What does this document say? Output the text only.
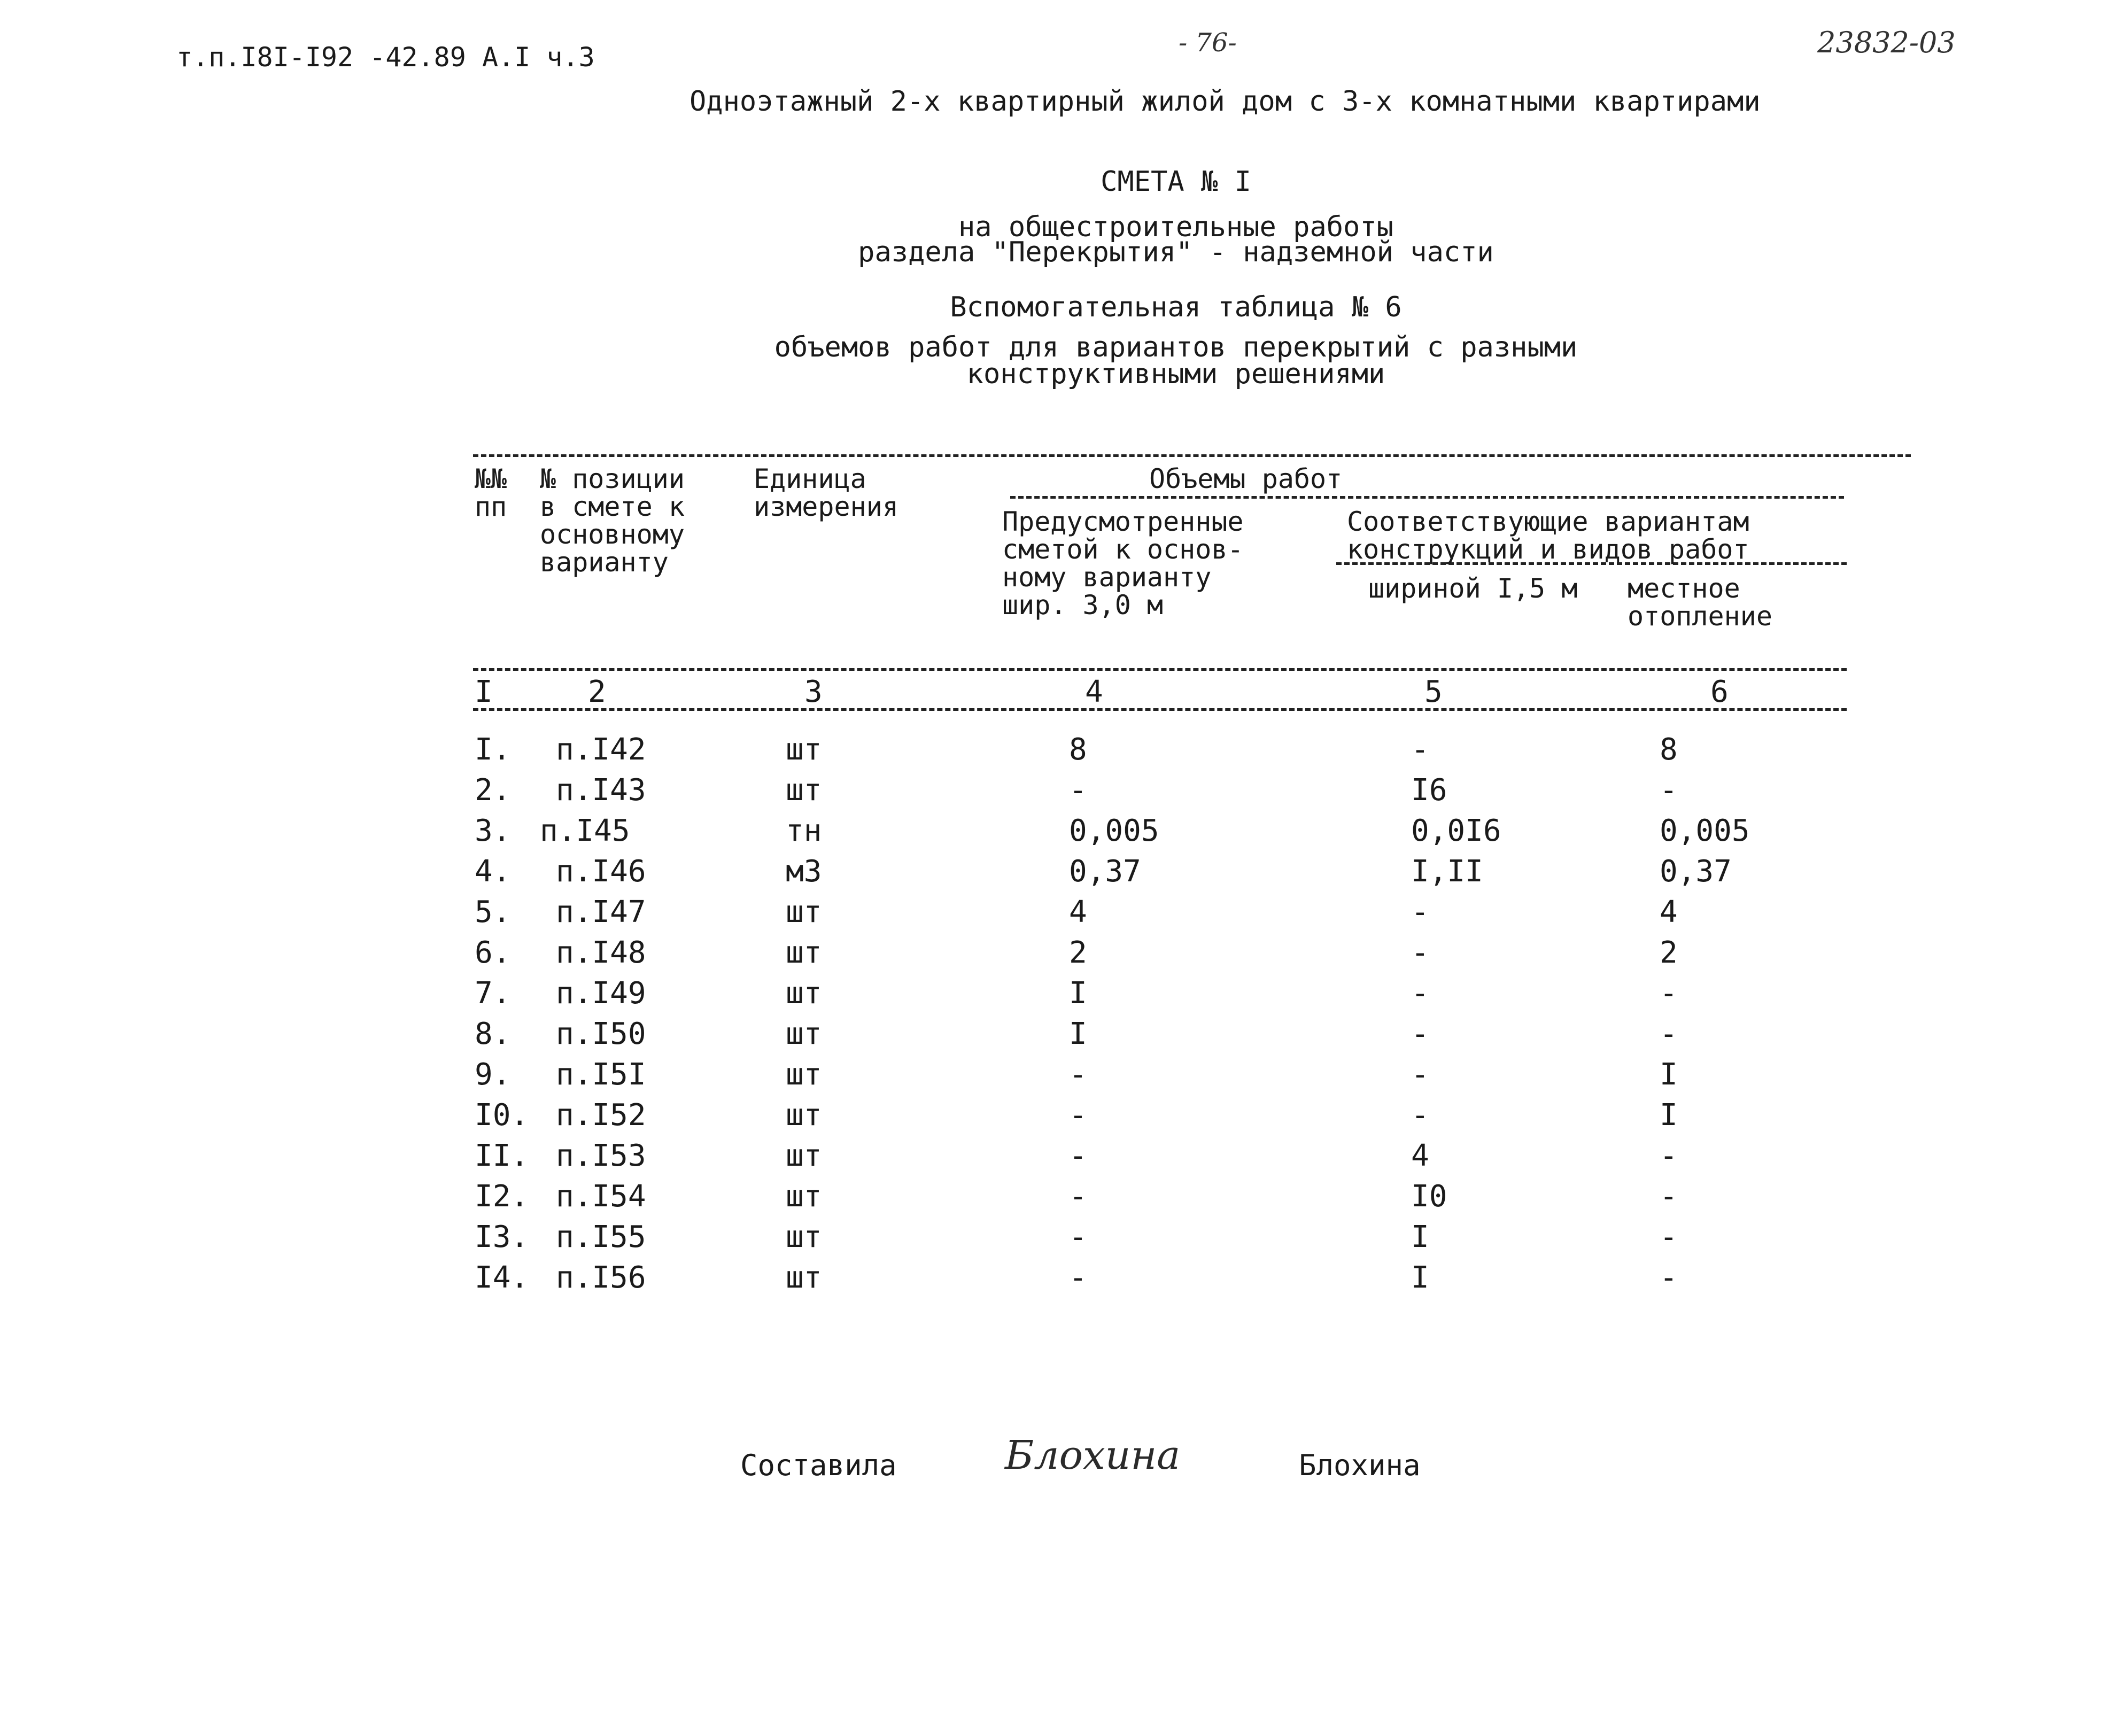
т.п.I8I-I92 -42.89 А.I ч.3	- 76-	23832-03
Одноэтажный 2-х квартирный жилой дом с 3-х комнатными квартирами
СМЕТА № I
на общестроительные работы
раздела "Перекрытия" - надземной части
Вспомогательная таблица № 6
объемов работ для вариантов перекрытий с разными
конструктивными решениями
№№
пп
№ позиции
в смете к
основному
варианту
Единица
измерения
Объемы работ
Предусмотренные
сметой к основ-
ному варианту
шир. 3,0 м
Соответствующие вариантам
конструкций и видов работ
шириной I,5 м местное
отопление
I	2	3	4	5	6
I. п.I42	шт	8	-	8
2. п.I43	шт	-	I6	-
3. п.I45	тн	0,005	0,0I6	0,005
4. п.I46	м3	0,37	I,II	0,37
5. п.I47	шт	4	-	4
6. п.I48	шт	2	-	2
7. п.I49	шт	I	-	-
8. п.I50	шт	I	-	-
9. п.I5I	шт	-	-	I
I0. п.I52	шт	-	-	I
II. п.I53	шт	-	4	-
I2. п.I54	шт	-	I0	-
I3. п.I55	шт	-	I	-
I4. п.I56	шт	-	I	-
Составила	Блохина	Блохина
